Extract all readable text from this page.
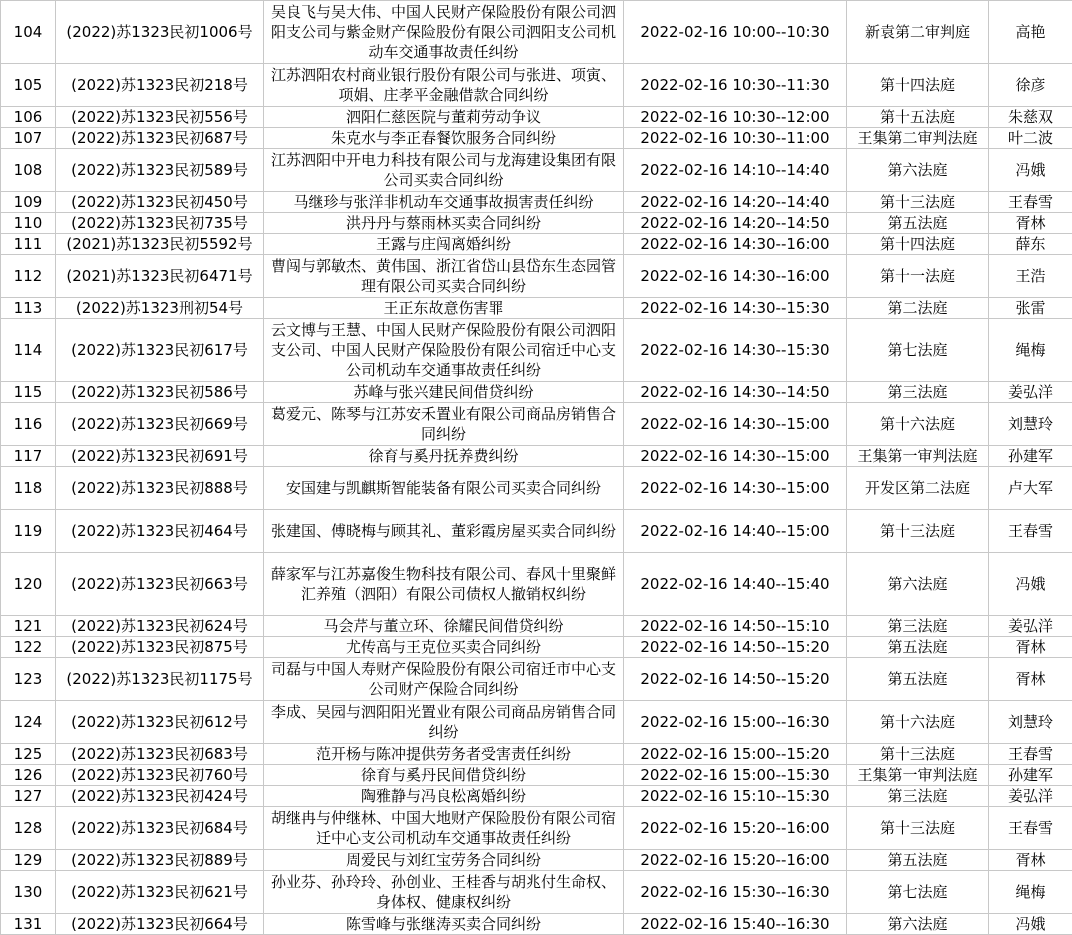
104	(2022)苏1323民初1006号	吴良飞与吴大伟、中国人民财产保险股份有限公司泗阳支公司与紫金财产保险股份有限公司泗阳支公司机动车交通事故责任纠纷	2022-02-16 10:00--10:30	新袁第二审判庭	高艳
105	(2022)苏1323民初218号	江苏泗阳农村商业银行股份有限公司与张进、项寅、项娟、庄孝平金融借款合同纠纷	2022-02-16 10:30--11:30	第十四法庭	徐彦
106	(2022)苏1323民初556号	泗阳仁慈医院与董莉劳动争议	2022-02-16 10:30--12:00	第十五法庭	朱慈双
107	(2022)苏1323民初687号	朱克水与李正春餐饮服务合同纠纷	2022-02-16 10:30--11:00	王集第二审判法庭	叶二波
108	(2022)苏1323民初589号	江苏泗阳中开电力科技有限公司与龙海建设集团有限公司买卖合同纠纷	2022-02-16 14:10--14:40	第六法庭	冯娥
109	(2022)苏1323民初450号	马继珍与张洋非机动车交通事故损害责任纠纷	2022-02-16 14:20--14:40	第十三法庭	王春雪
110	(2022)苏1323民初735号	洪丹丹与蔡雨林买卖合同纠纷	2022-02-16 14:20--14:50	第五法庭	胥林
111	(2021)苏1323民初5592号	王露与庄闯离婚纠纷	2022-02-16 14:30--16:00	第十四法庭	薛东
112	(2021)苏1323民初6471号	曹闯与郭敏杰、黄伟国、浙江省岱山县岱东生态园管理有限公司买卖合同纠纷	2022-02-16 14:30--16:00	第十一法庭	王浩
113	(2022)苏1323刑初54号	王正东故意伤害罪	2022-02-16 14:30--15:30	第二法庭	张雷
114	(2022)苏1323民初617号	云文博与王慧、中国人民财产保险股份有限公司泗阳支公司、中国人民财产保险股份有限公司宿迁中心支公司机动车交通事故责任纠纷	2022-02-16 14:30--15:30	第七法庭	绳梅
115	(2022)苏1323民初586号	苏峰与张兴建民间借贷纠纷	2022-02-16 14:30--14:50	第三法庭	姜弘洋
116	(2022)苏1323民初669号	葛爱元、陈琴与江苏安禾置业有限公司商品房销售合同纠纷	2022-02-16 14:30--15:00	第十六法庭	刘慧玲
117	(2022)苏1323民初691号	徐育与奚丹抚养费纠纷	2022-02-16 14:30--15:00	王集第一审判法庭	孙建军
118	(2022)苏1323民初888号	安国建与凯麒斯智能装备有限公司买卖合同纠纷	2022-02-16 14:30--15:00	开发区第二法庭	卢大军
119	(2022)苏1323民初464号	张建国、傅晓梅与顾其礼、董彩霞房屋买卖合同纠纷	2022-02-16 14:40--15:00	第十三法庭	王春雪
120	(2022)苏1323民初663号	薛家军与江苏嘉俊生物科技有限公司、春风十里聚鲜汇养殖（泗阳）有限公司债权人撤销权纠纷	2022-02-16 14:40--15:40	第六法庭	冯娥
121	(2022)苏1323民初624号	马会芹与董立环、徐耀民间借贷纠纷	2022-02-16 14:50--15:10	第三法庭	姜弘洋
122	(2022)苏1323民初875号	尤传高与王克位买卖合同纠纷	2022-02-16 14:50--15:20	第五法庭	胥林
123	(2022)苏1323民初1175号	司磊与中国人寿财产保险股份有限公司宿迁市中心支公司财产保险合同纠纷	2022-02-16 14:50--15:20	第五法庭	胥林
124	(2022)苏1323民初612号	李成、吴园与泗阳阳光置业有限公司商品房销售合同纠纷	2022-02-16 15:00--16:30	第十六法庭	刘慧玲
125	(2022)苏1323民初683号	范开杨与陈冲提供劳务者受害责任纠纷	2022-02-16 15:00--15:20	第十三法庭	王春雪
126	(2022)苏1323民初760号	徐育与奚丹民间借贷纠纷	2022-02-16 15:00--15:30	王集第一审判法庭	孙建军
127	(2022)苏1323民初424号	陶雅静与冯良松离婚纠纷	2022-02-16 15:10--15:30	第三法庭	姜弘洋
128	(2022)苏1323民初684号	胡继冉与仲继林、中国大地财产保险股份有限公司宿迁中心支公司机动车交通事故责任纠纷	2022-02-16 15:20--16:00	第十三法庭	王春雪
129	(2022)苏1323民初889号	周爱民与刘红宝劳务合同纠纷	2022-02-16 15:20--16:00	第五法庭	胥林
130	(2022)苏1323民初621号	孙业芬、孙玲玲、孙创业、王桂香与胡兆付生命权、身体权、健康权纠纷	2022-02-16 15:30--16:30	第七法庭	绳梅
131	(2022)苏1323民初664号	陈雪峰与张继涛买卖合同纠纷	2022-02-16 15:40--16:30	第六法庭	冯娥
